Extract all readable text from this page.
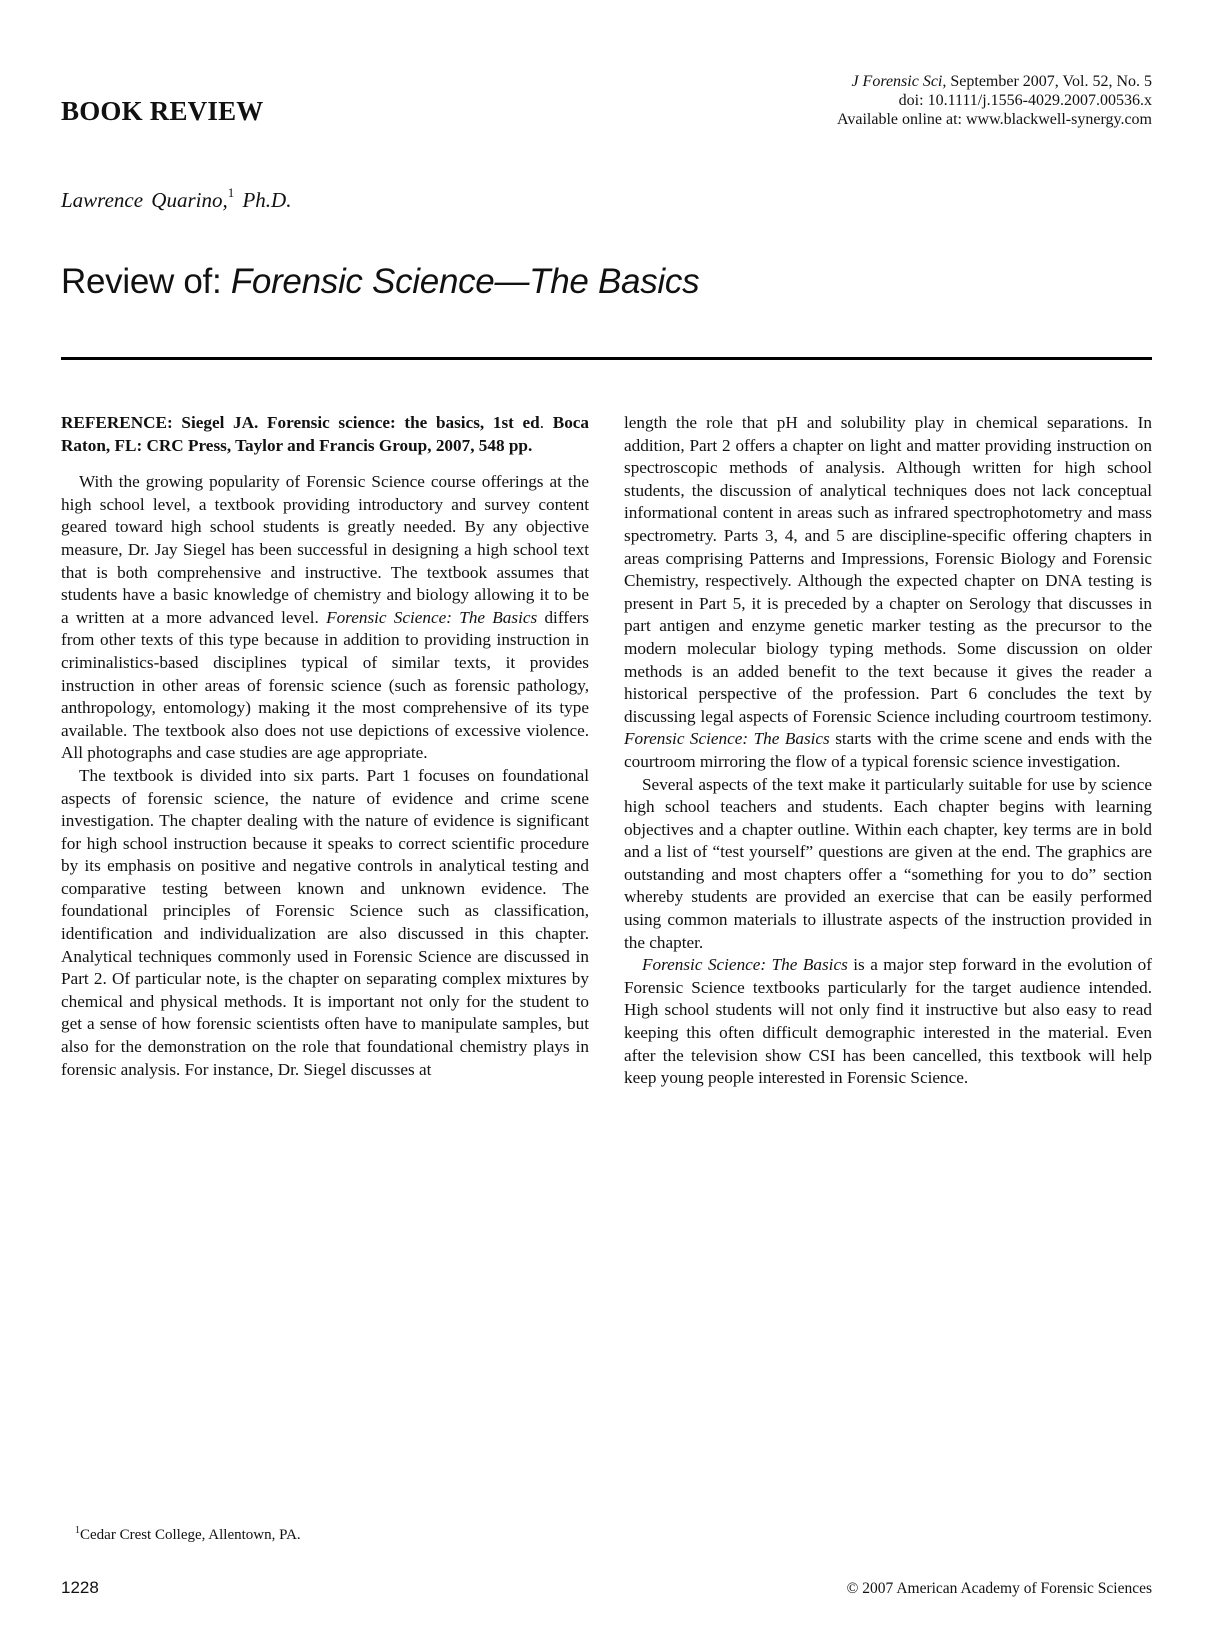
J Forensic Sci, September 2007, Vol. 52, No. 5
doi: 10.1111/j.1556-4029.2007.00536.x
Available online at: www.blackwell-synergy.com
BOOK REVIEW
Lawrence Quarino,$^1$ Ph.D.
Review of: Forensic Science—The Basics
REFERENCE: Siegel JA. Forensic science: the basics, 1st ed. Boca Raton, FL: CRC Press, Taylor and Francis Group, 2007, 548 pp.

With the growing popularity of Forensic Science course offerings at the high school level, a textbook providing introductory and survey content geared toward high school students is greatly needed. By any objective measure, Dr. Jay Siegel has been successful in designing a high school text that is both comprehensive and instructive. The textbook assumes that students have a basic knowledge of chemistry and biology allowing it to be a written at a more advanced level. Forensic Science: The Basics differs from other texts of this type because in addition to providing instruction in criminalistics-based disciplines typical of similar texts, it provides instruction in other areas of forensic science (such as forensic pathology, anthropology, entomology) making it the most comprehensive of its type available. The textbook also does not use depictions of excessive violence. All photographs and case studies are age appropriate.

The textbook is divided into six parts. Part 1 focuses on foundational aspects of forensic science, the nature of evidence and crime scene investigation. The chapter dealing with the nature of evidence is significant for high school instruction because it speaks to correct scientific procedure by its emphasis on positive and negative controls in analytical testing and comparative testing between known and unknown evidence. The foundational principles of Forensic Science such as classification, identification and individualization are also discussed in this chapter. Analytical techniques commonly used in Forensic Science are discussed in Part 2. Of particular note, is the chapter on separating complex mixtures by chemical and physical methods. It is important not only for the student to get a sense of how forensic scientists often have to manipulate samples, but also for the demonstration on the role that foundational chemistry plays in forensic analysis. For instance, Dr. Siegel discusses at

length the role that pH and solubility play in chemical separations. In addition, Part 2 offers a chapter on light and matter providing instruction on spectroscopic methods of analysis. Although written for high school students, the discussion of analytical techniques does not lack conceptual informational content in areas such as infrared spectrophotometry and mass spectrometry. Parts 3, 4, and 5 are discipline-specific offering chapters in areas comprising Patterns and Impressions, Forensic Biology and Forensic Chemistry, respectively. Although the expected chapter on DNA testing is present in Part 5, it is preceded by a chapter on Serology that discusses in part antigen and enzyme genetic marker testing as the precursor to the modern molecular biology typing methods. Some discussion on older methods is an added benefit to the text because it gives the reader a historical perspective of the profession. Part 6 concludes the text by discussing legal aspects of Forensic Science including courtroom testimony. Forensic Science: The Basics starts with the crime scene and ends with the courtroom mirroring the flow of a typical forensic science investigation.

Several aspects of the text make it particularly suitable for use by science high school teachers and students. Each chapter begins with learning objectives and a chapter outline. Within each chapter, key terms are in bold and a list of “test yourself” questions are given at the end. The graphics are outstanding and most chapters offer a “something for you to do” section whereby students are provided an exercise that can be easily performed using common materials to illustrate aspects of the instruction provided in the chapter.

Forensic Science: The Basics is a major step forward in the evolution of Forensic Science textbooks particularly for the target audience intended. High school students will not only find it instructive but also easy to read keeping this often difficult demographic interested in the material. Even after the television show CSI has been cancelled, this textbook will help keep young people interested in Forensic Science.

$^1$Cedar Crest College, Allentown, PA.
1228	© 2007 American Academy of Forensic Sciences
